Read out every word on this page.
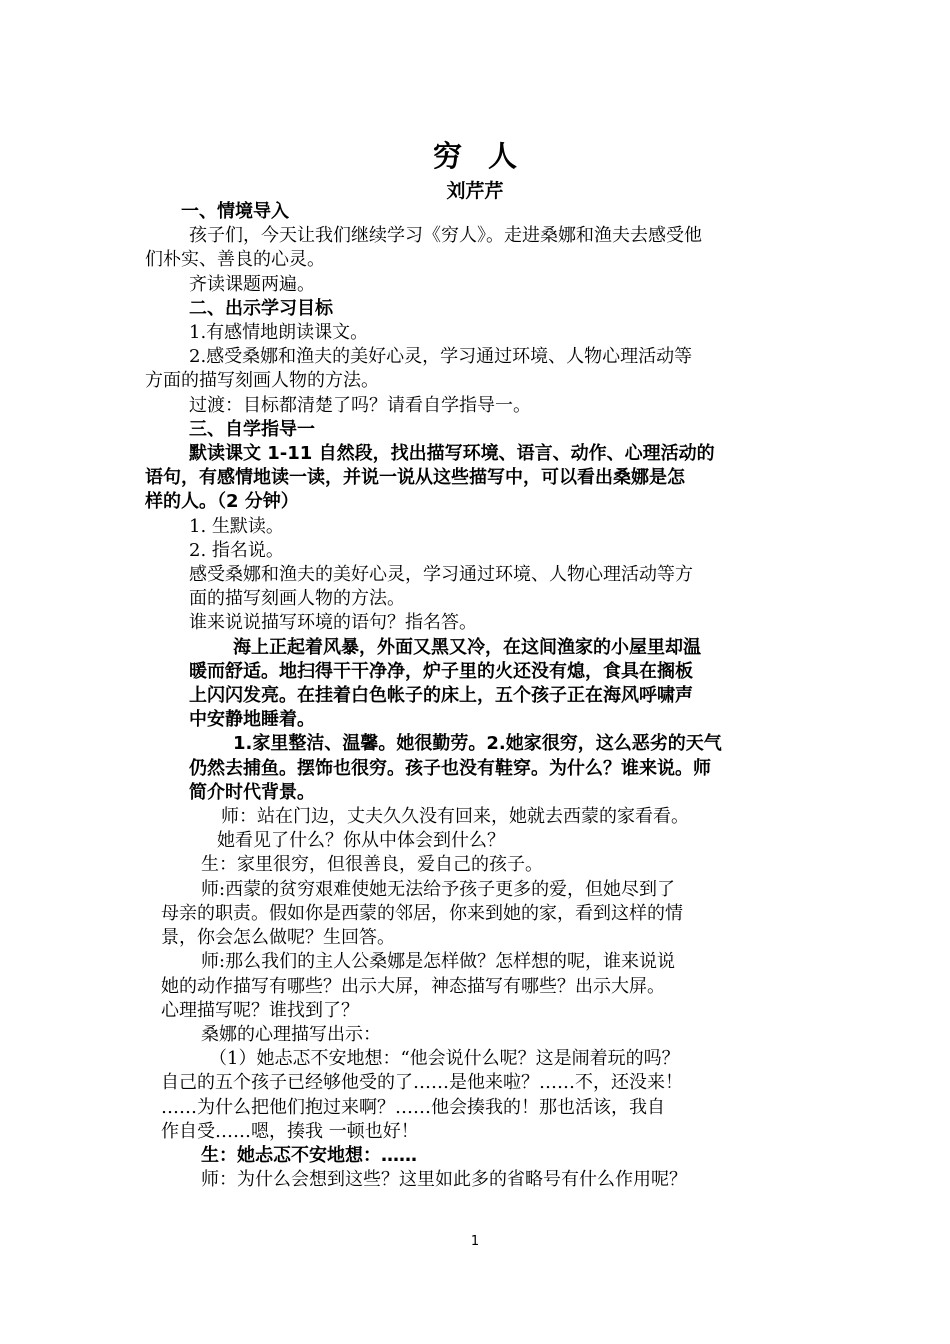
穷人
刘芹芹

一、情境导入

孩子们，今天让我们继续学习《穷人》。走进桑娜和渔夫去感受他

们朴实、善良的心灵。

齐读课题两遍。

二、出示学习目标

1.有感情地朗读课文。

2.感受桑娜和渔夫的美好心灵，学习通过环境、人物心理活动等

方面的描写刻画人物的方法。

过渡：目标都清楚了吗？请看自学指导一。

三、自学指导一

默读课文 1-11 自然段，找出描写环境、语言、动作、心理活动的

语句，有感情地读一读，并说一说从这些描写中，可以看出桑娜是怎

样的人。（2 分钟）

1. 生默读。

2. 指名说。

感受桑娜和渔夫的美好心灵，学习通过环境、人物心理活动等方

面的描写刻画人物的方法。

谁来说说描写环境的语句？指名答。

海上正起着风暴，外面又黑又冷，在这间渔家的小屋里却温

暖而舒适。地扫得干干净净，炉子里的火还没有熄，食具在搁板

上闪闪发亮。在挂着白色帐子的床上，五个孩子正在海风呼啸声

中安静地睡着。

1.家里整洁、温馨。她很勤劳。2.她家很穷，这么恶劣的天气

仍然去捕鱼。摆饰也很穷。孩子也没有鞋穿。为什么？谁来说。师

简介时代背景。

师：站在门边，丈夫久久没有回来，她就去西蒙的家看看。

她看见了什么？你从中体会到什么？

生：家里很穷，但很善良，爱自己的孩子。

师:西蒙的贫穷艰难使她无法给予孩子更多的爱，但她尽到了

母亲的职责。假如你是西蒙的邻居，你来到她的家，看到这样的情

景，你会怎么做呢？生回答。

师:那么我们的主人公桑娜是怎样做？怎样想的呢，谁来说说

她的动作描写有哪些？出示大屏，神态描写有哪些？出示大屏。

心理描写呢？谁找到了？

桑娜的心理描写出示：

（1）她忐忑不安地想：“他会说什么呢？这是闹着玩的吗？

自己的五个孩子已经够他受的了……是他来啦？……不，还没来！

……为什么把他们抱过来啊？……他会揍我的！那也活该，我自

作自受……嗯，揍我 一顿也好！

生：她忐忑不安地想：……

师：为什么会想到这些？这里如此多的省略号有什么作用呢？

1
